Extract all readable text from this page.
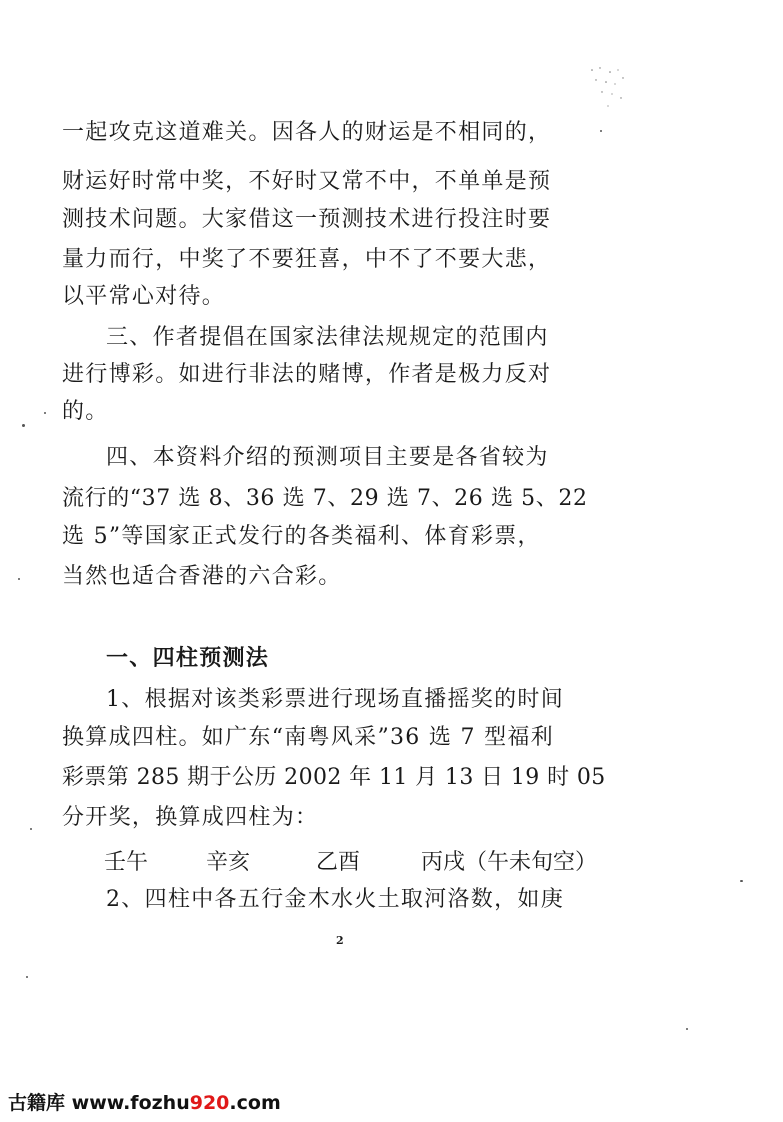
一起攻克这道难关。因各人的财运是不相同的，
财运好时常中奖，不好时又常不中，不单单是预
测技术问题。大家借这一预测技术进行投注时要
量力而行，中奖了不要狂喜，中不了不要大悲，
以平常心对待。
三、作者提倡在国家法律法规规定的范围内
进行博彩。如进行非法的赌博，作者是极力反对
的。
四、本资料介绍的预测项目主要是各省较为
流行的“37 选 8、36 选 7、29 选 7、26 选 5、22
选 5”等国家正式发行的各类福利、体育彩票，
当然也适合香港的六合彩。
一、四柱预测法
1、根据对该类彩票进行现场直播摇奖的时间
换算成四柱。如广东“南粤风采”36 选 7 型福利
彩票第 285 期于公历 2002 年 11 月 13 日 19 时 05
分开奖，换算成四柱为：
壬午	辛亥	乙酉	丙戌（午未旬空）
2、四柱中各五行金木水火土取河洛数，如庚
2
古籍库 www.fozhu920.com
